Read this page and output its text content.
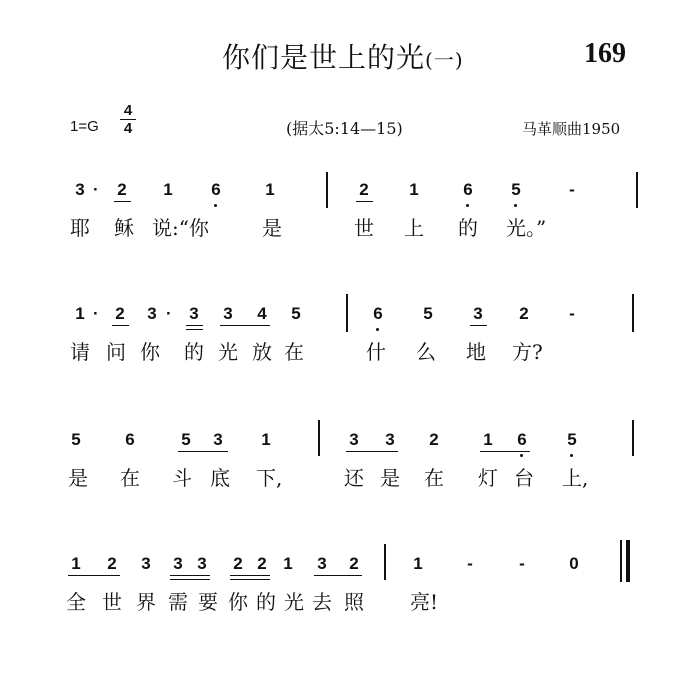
你们是世上的光(一)	169
1=G
4
4	(据太5:14—15)	马革顺曲1950
3 · 2 1 6	1	2 1	6 5	-
耶 稣 说:“你	是	世 上 的 光。”
1 · 2 3 · 3 3 4 5	6 5 3 2	-
请 问 你 的 光 放 在	什 么 地 方?
5	6	5 3 1	3 3 2	1 6 5
是 在 斗 底 下,	还 是 在 灯 台 上,
1 2 3 3 3 2 2 1 3 2	1	-	-	0
全 世 界 需 要 你 的 光 去 照 亮!
